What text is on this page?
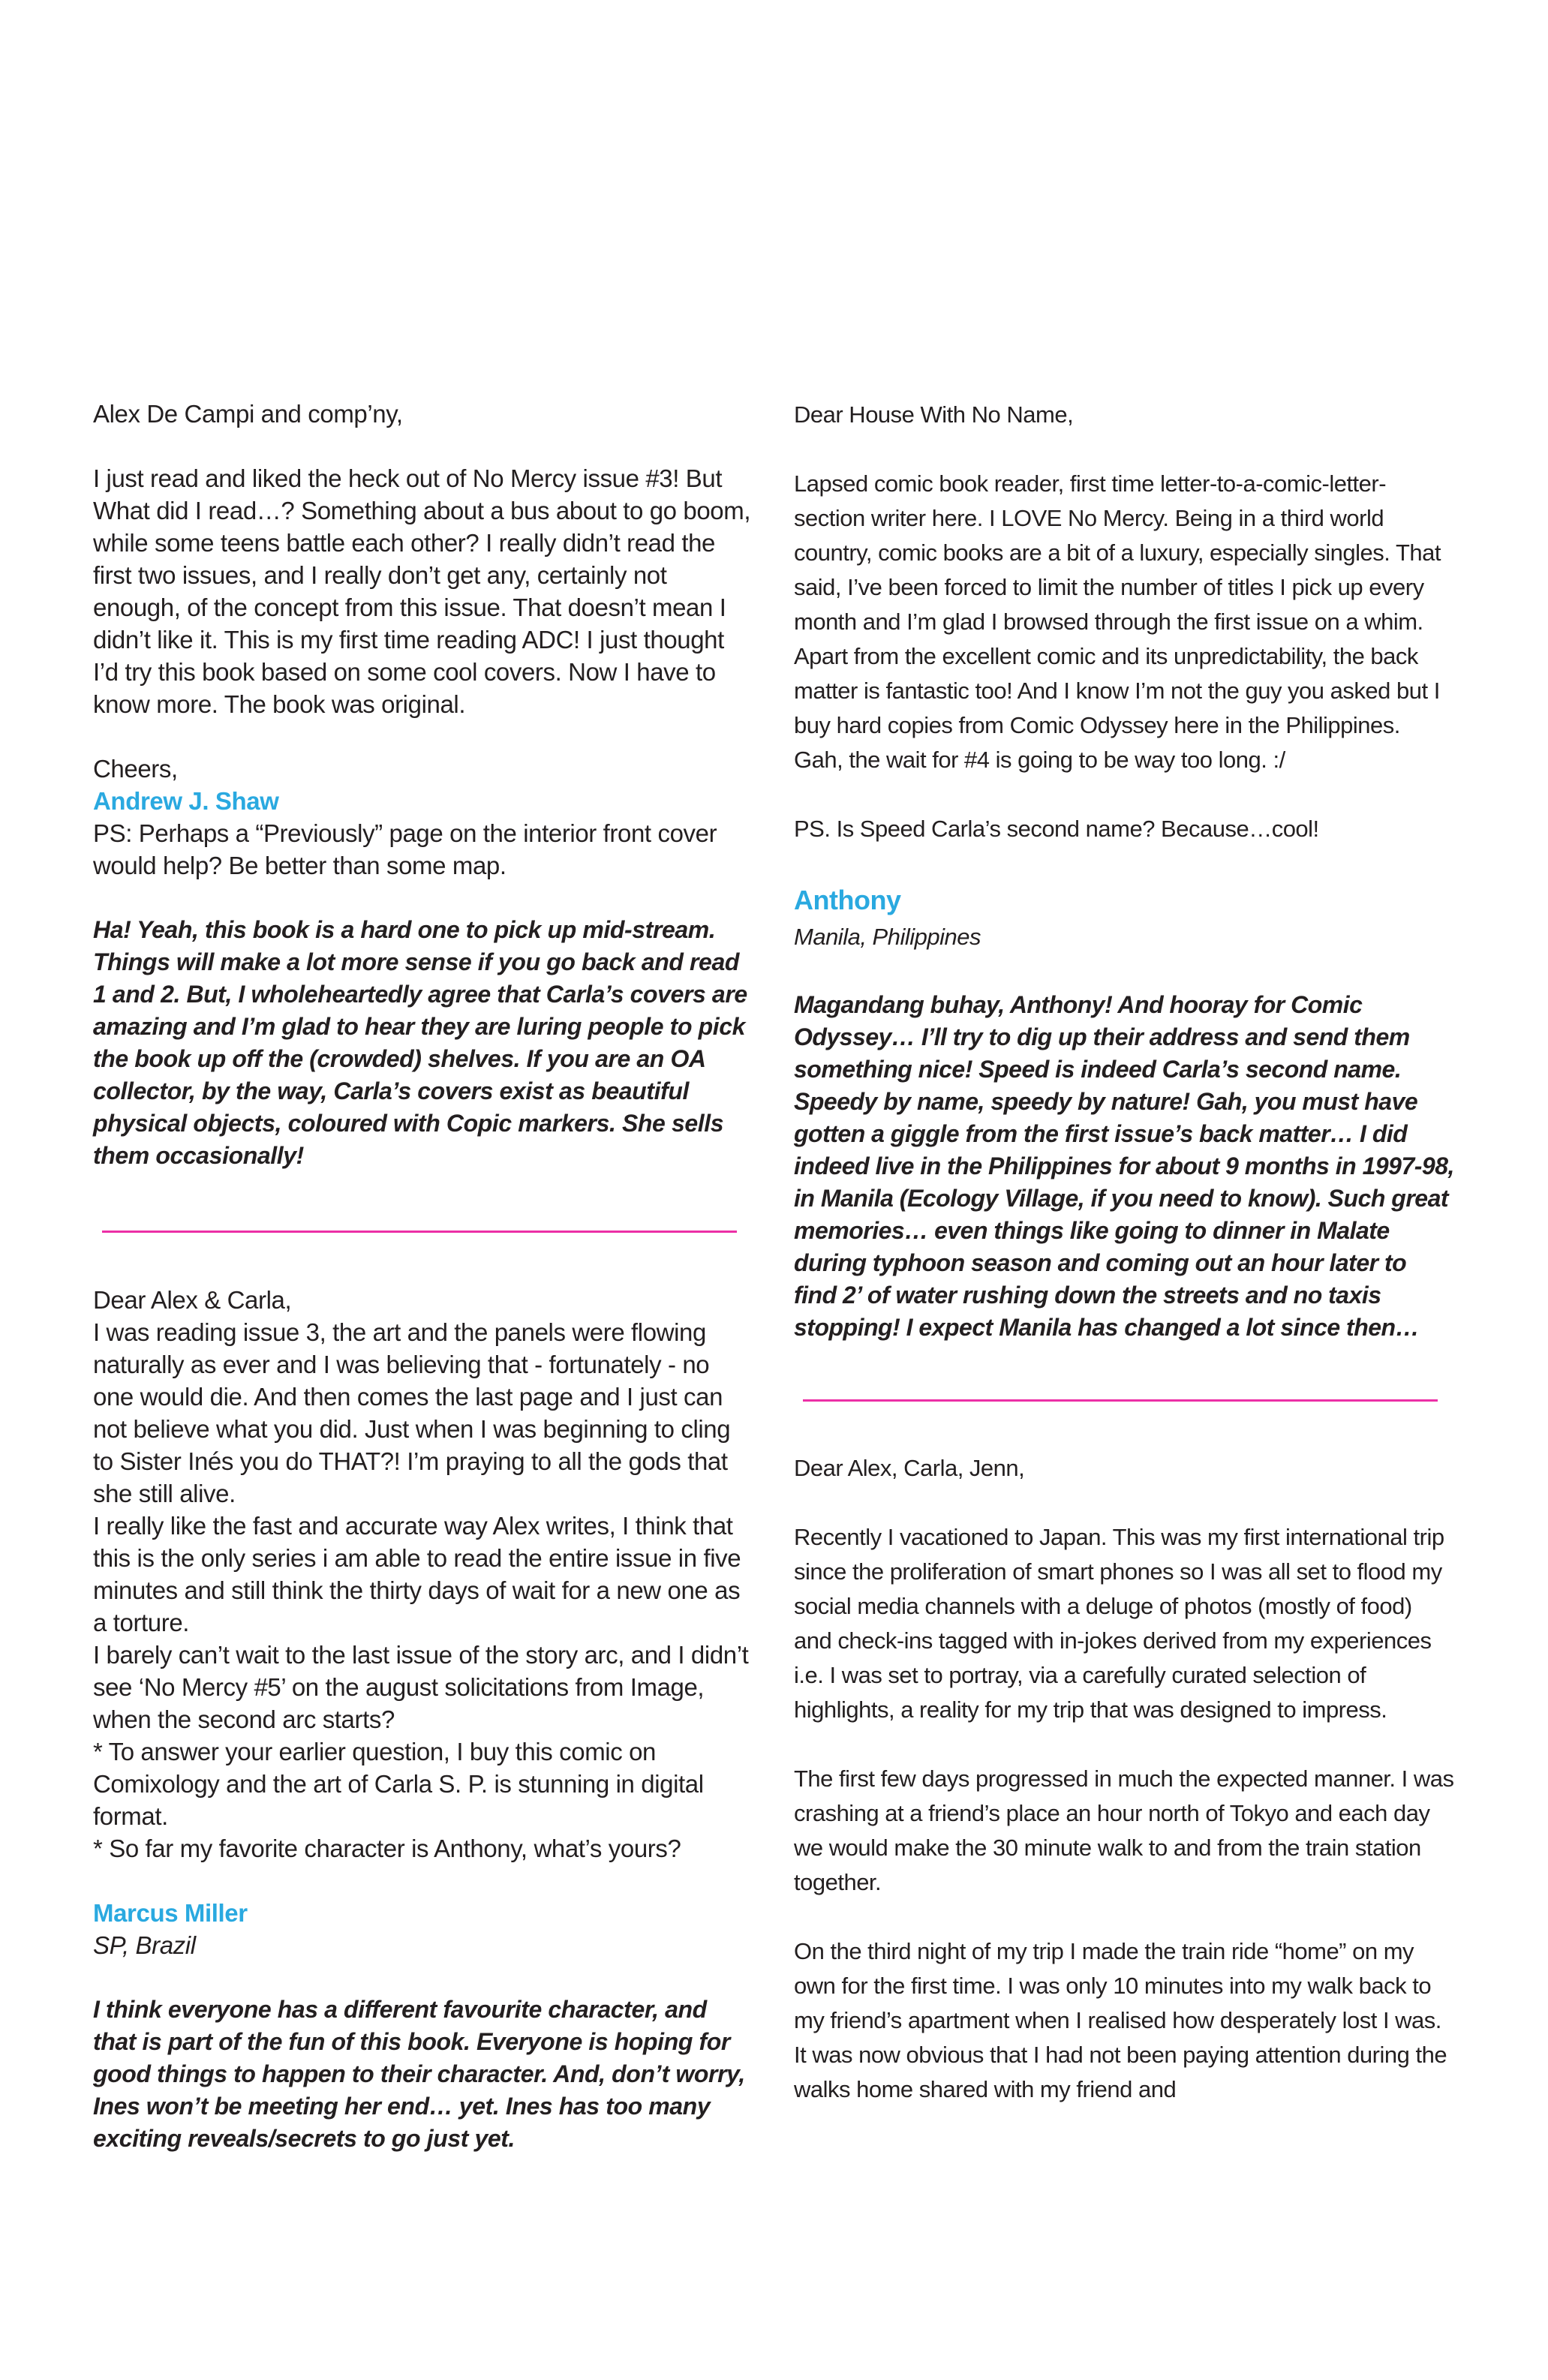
Alex De Campi and comp’ny,

I just read and liked the heck out of No Mercy issue #3! But What did I read…? Something about a bus about to go boom, while some teens battle each other? I really didn’t read the first two issues, and I really don’t get any, certainly not enough, of the concept from this issue. That doesn’t mean I didn’t like it. This is my first time reading ADC! I just thought I’d try this book based on some cool covers. Now I have to know more. The book was original.

Cheers,

Andrew J. Shaw

PS: Perhaps a “Previously” page on the interior front cover would help? Be better than some map.

Ha! Yeah, this book is a hard one to pick up mid-stream. Things will make a lot more sense if you go back and read 1 and 2. But, I wholeheartedly agree that Carla’s covers are amazing and I’m glad to hear they are luring people to pick the book up off the (crowded) shelves. If you are an OA collector, by the way, Carla’s covers exist as beautiful physical objects, coloured with Copic markers. She sells them occasionally!

Dear Alex & Carla,

I was reading issue 3, the art and the panels were flowing naturally as ever and I was believing that - fortunately - no one would die. And then comes the last page and I just can not believe what you did. Just when I was beginning to cling to Sister Inés you do THAT?! I’m praying to all the gods that she still alive.

I really like the fast and accurate way Alex writes, I think that this is the only series i am able to read the entire issue in five minutes and still think the thirty days of wait for a new one as a torture.

I barely can’t wait to the last issue of the story arc, and I didn’t see ‘No Mercy #5’ on the august solicitations from Image, when the second arc starts?

* To answer your earlier question, I buy this comic on Comixology and the art of Carla S. P. is stunning in digital format.

* So far my favorite character is Anthony, what’s yours?

Marcus Miller
SP, Brazil

I think everyone has a different favourite character, and that is part of the fun of this book. Everyone is hoping for good things to happen to their character. And, don’t worry, Ines won’t be meeting her end… yet. Ines has too many exciting reveals/secrets to go just yet.

Dear House With No Name,

Lapsed comic book reader, first time letter-to-a-comic-letter-section writer here. I LOVE No Mercy. Being in a third world country, comic books are a bit of a luxury, especially singles. That said, I’ve been forced to limit the number of titles I pick up every month and I’m glad I browsed through the first issue on a whim. Apart from the excellent comic and its unpredictability, the back matter is fantastic too! And I know I’m not the guy you asked but I buy hard copies from Comic Odyssey here in the Philippines. Gah, the wait for #4 is going to be way too long. :/

PS. Is Speed Carla’s second name? Because…cool!

Anthony
Manila, Philippines

Magandang buhay, Anthony! And hooray for Comic Odyssey… I’ll try to dig up their address and send them something nice! Speed is indeed Carla’s second name. Speedy by name, speedy by nature! Gah, you must have gotten a giggle from the first issue’s back matter… I did indeed live in the Philippines for about 9 months in 1997-98, in Manila (Ecology Village, if you need to know). Such great memories… even things like going to dinner in Malate during typhoon season and coming out an hour later to find 2’ of water rushing down the streets and no taxis stopping! I expect Manila has changed a lot since then…

Dear Alex, Carla, Jenn,

Recently I vacationed to Japan. This was my first international trip since the proliferation of smart phones so I was all set to flood my social media channels with a deluge of photos (mostly of food) and check-ins tagged with in-jokes derived from my experiences i.e. I was set to portray, via a carefully curated selection of highlights, a reality for my trip that was designed to impress.

The first few days progressed in much the expected manner. I was crashing at a friend’s place an hour north of Tokyo and each day we would make the 30 minute walk to and from the train station together.

On the third night of my trip I made the train ride “home” on my own for the first time. I was only 10 minutes into my walk back to my friend’s apartment when I realised how desperately lost I was. It was now obvious that I had not been paying attention during the walks home shared with my friend and
